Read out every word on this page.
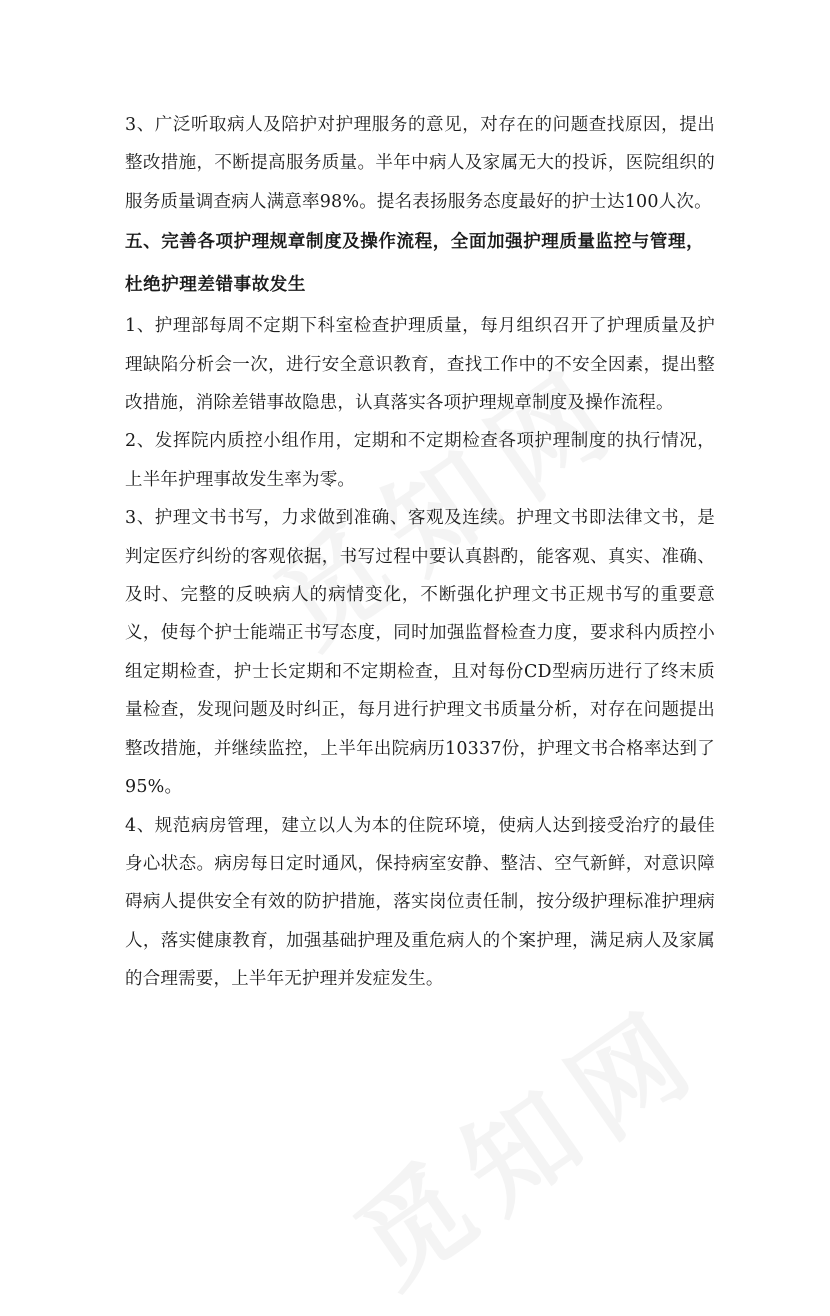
3、广泛听取病人及陪护对护理服务的意见，对存在的问题查找原因，提出整改措施，不断提高服务质量。半年中病人及家属无大的投诉，医院组织的服务质量调查病人满意率98%。提名表扬服务态度最好的护士达100人次。

五、完善各项护理规章制度及操作流程，全面加强护理质量监控与管理，杜绝护理差错事故发生

1、护理部每周不定期下科室检查护理质量，每月组织召开了护理质量及护理缺陷分析会一次，进行安全意识教育，查找工作中的不安全因素，提出整改措施，消除差错事故隐患，认真落实各项护理规章制度及操作流程。

2、发挥院内质控小组作用，定期和不定期检查各项护理制度的执行情况，上半年护理事故发生率为零。

3、护理文书书写，力求做到准确、客观及连续。护理文书即法律文书，是判定医疗纠纷的客观依据，书写过程中要认真斟酌，能客观、真实、准确、及时、完整的反映病人的病情变化，不断强化护理文书正规书写的重要意义，使每个护士能端正书写态度，同时加强监督检查力度，要求科内质控小组定期检查，护士长定期和不定期检查，且对每份CD型病历进行了终末质量检查，发现问题及时纠正，每月进行护理文书质量分析，对存在问题提出整改措施，并继续监控，上半年出院病历10337份，护理文书合格率达到了95%。

4、规范病房管理，建立以人为本的住院环境，使病人达到接受治疗的最佳身心状态。病房每日定时通风，保持病室安静、整洁、空气新鲜，对意识障碍病人提供安全有效的防护措施，落实岗位责任制，按分级护理标准护理病人，落实健康教育，加强基础护理及重危病人的个案护理，满足病人及家属的合理需要，上半年无护理并发症发生。
